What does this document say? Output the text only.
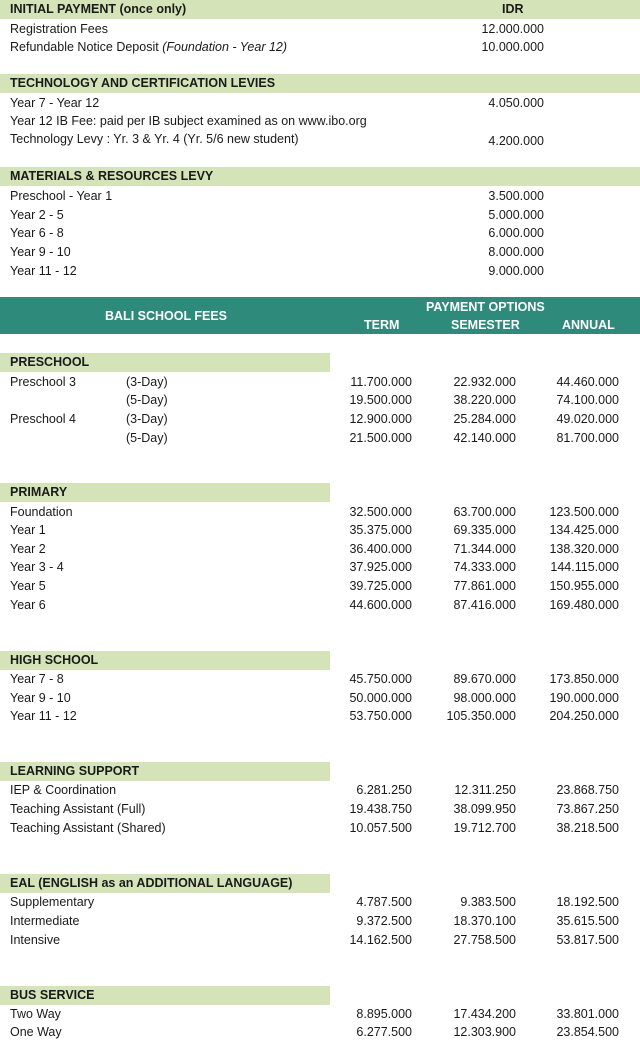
INITIAL PAYMENT (once only)	IDR
Registration Fees	12.000.000
Refundable Notice Deposit (Foundation - Year 12)	10.000.000
TECHNOLOGY AND CERTIFICATION LEVIES
Year 7 - Year 12	4.050.000
Year 12 IB Fee: paid per IB subject examined as on www.ibo.org
Technology Levy : Yr. 3 & Yr. 4 (Yr. 5/6 new student)	4.200.000
MATERIALS & RESOURCES LEVY
Preschool - Year 1	3.500.000
Year 2 - 5	5.000.000
Year 6 - 8	6.000.000
Year 9 - 10	8.000.000
Year 11 - 12	9.000.000
BALI SCHOOL FEES
PAYMENT OPTIONS
TERM	SEMESTER	ANNUAL
PRESCHOOL
Preschool 3	(3-Day)	11.700.000	22.932.000	44.460.000
(5-Day)	19.500.000	38.220.000	74.100.000
Preschool 4	(3-Day)	12.900.000	25.284.000	49.020.000
(5-Day)	21.500.000	42.140.000	81.700.000
PRIMARY
Foundation	32.500.000	63.700.000	123.500.000
Year 1	35.375.000	69.335.000	134.425.000
Year 2	36.400.000	71.344.000	138.320.000
Year 3 - 4	37.925.000	74.333.000	144.115.000
Year 5	39.725.000	77.861.000	150.955.000
Year 6	44.600.000	87.416.000	169.480.000
HIGH SCHOOL
Year 7 - 8	45.750.000	89.670.000	173.850.000
Year 9 - 10	50.000.000	98.000.000	190.000.000
Year 11 - 12	53.750.000	105.350.000	204.250.000
LEARNING SUPPORT
IEP & Coordination	6.281.250	12.311.250	23.868.750
Teaching Assistant (Full)	19.438.750	38.099.950	73.867.250
Teaching Assistant (Shared)	10.057.500	19.712.700	38.218.500
EAL (ENGLISH as an ADDITIONAL LANGUAGE)
Supplementary	4.787.500	9.383.500	18.192.500
Intermediate	9.372.500	18.370.100	35.615.500
Intensive	14.162.500	27.758.500	53.817.500
BUS SERVICE
Two Way	8.895.000	17.434.200	33.801.000
One Way	6.277.500	12.303.900	23.854.500
